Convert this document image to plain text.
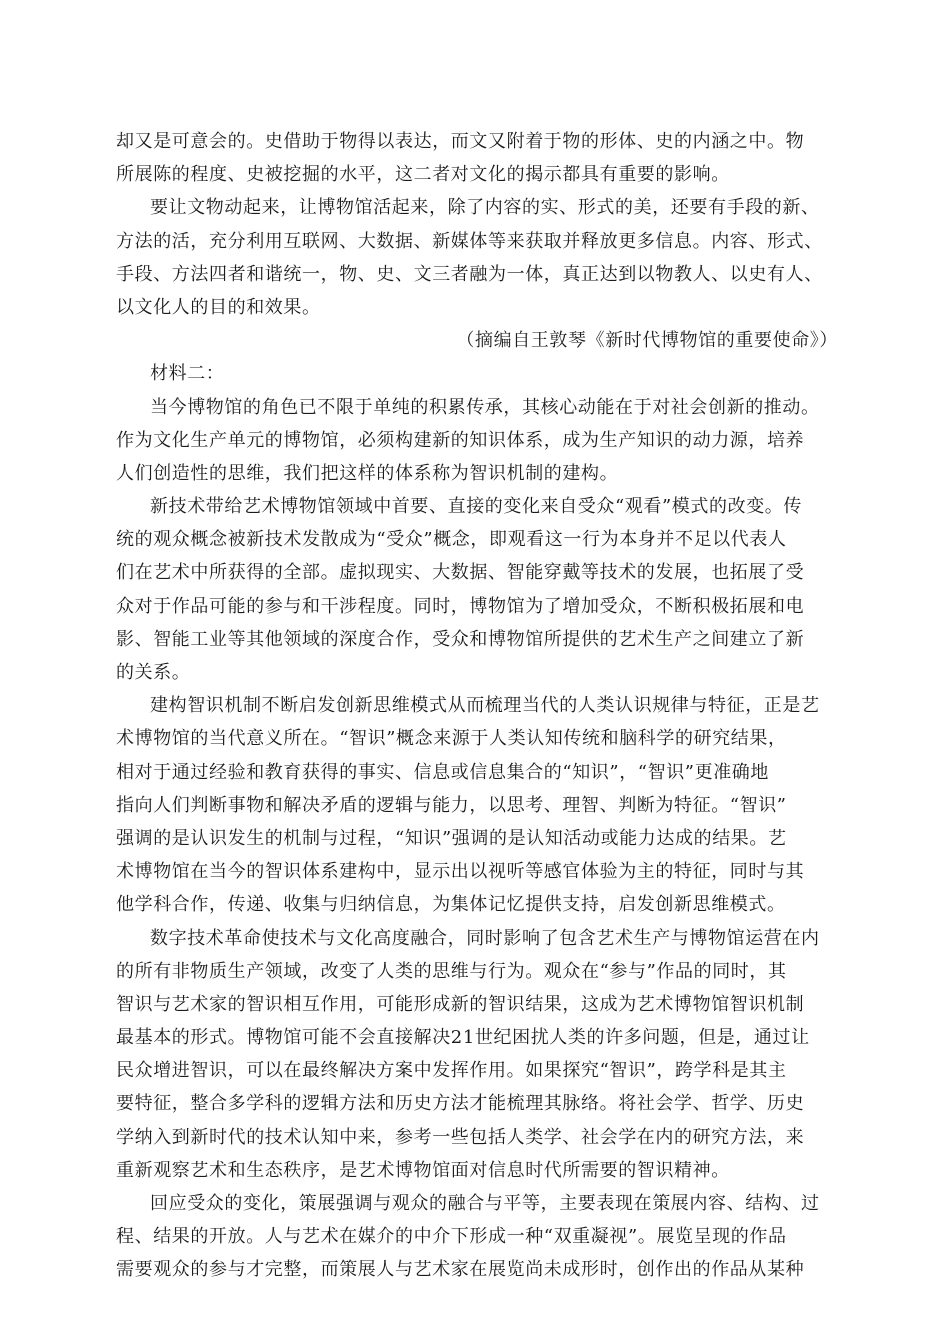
却又是可意会的。史借助于物得以表达，而文又附着于物的形体、史的内涵之中。物
所展陈的程度、史被挖掘的水平，这二者对文化的揭示都具有重要的影响。
要让文物动起来，让博物馆活起来，除了内容的实、形式的美，还要有手段的新、
方法的活，充分利用互联网、大数据、新媒体等来获取并释放更多信息。内容、形式、
手段、方法四者和谐统一，物、史、文三者融为一体，真正达到以物教人、以史有人、
以文化人的目的和效果。
（摘编自王敦琴《新时代博物馆的重要使命》）
材料二：
当今博物馆的角色已不限于单纯的积累传承，其核心动能在于对社会创新的推动。
作为文化生产单元的博物馆，必须构建新的知识体系，成为生产知识的动力源，培养
人们创造性的思维，我们把这样的体系称为智识机制的建构。
新技术带给艺术博物馆领域中首要、直接的变化来自受众“观看”模式的改变。传
统的观众概念被新技术发散成为“受众”概念，即观看这一行为本身并不足以代表人
们在艺术中所获得的全部。虚拟现实、大数据、智能穿戴等技术的发展，也拓展了受
众对于作品可能的参与和干涉程度。同时，博物馆为了增加受众，不断积极拓展和电
影、智能工业等其他领域的深度合作，受众和博物馆所提供的艺术生产之间建立了新
的关系。
建构智识机制不断启发创新思维模式从而梳理当代的人类认识规律与特征，正是艺
术博物馆的当代意义所在。“智识”概念来源于人类认知传统和脑科学的研究结果，
相对于通过经验和教育获得的事实、信息或信息集合的“知识”，“智识”更准确地
指向人们判断事物和解决矛盾的逻辑与能力，以思考、理智、判断为特征。“智识”
强调的是认识发生的机制与过程，“知识”强调的是认知活动或能力达成的结果。艺
术博物馆在当今的智识体系建构中，显示出以视听等感官体验为主的特征，同时与其
他学科合作，传递、收集与归纳信息，为集体记忆提供支持，启发创新思维模式。
数字技术革命使技术与文化高度融合，同时影响了包含艺术生产与博物馆运营在内
的所有非物质生产领域，改变了人类的思维与行为。观众在“参与”作品的同时，其
智识与艺术家的智识相互作用，可能形成新的智识结果，这成为艺术博物馆智识机制
最基本的形式。博物馆可能不会直接解决21世纪困扰人类的许多问题，但是，通过让
民众增进智识，可以在最终解决方案中发挥作用。如果探究“智识”，跨学科是其主
要特征，整合多学科的逻辑方法和历史方法才能梳理其脉络。将社会学、哲学、历史
学纳入到新时代的技术认知中来，参考一些包括人类学、社会学在内的研究方法，来
重新观察艺术和生态秩序，是艺术博物馆面对信息时代所需要的智识精神。
回应受众的变化，策展强调与观众的融合与平等，主要表现在策展内容、结构、过
程、结果的开放。人与艺术在媒介的中介下形成一种“双重凝视”。展览呈现的作品
需要观众的参与才完整，而策展人与艺术家在展览尚未成形时，创作出的作品从某种
